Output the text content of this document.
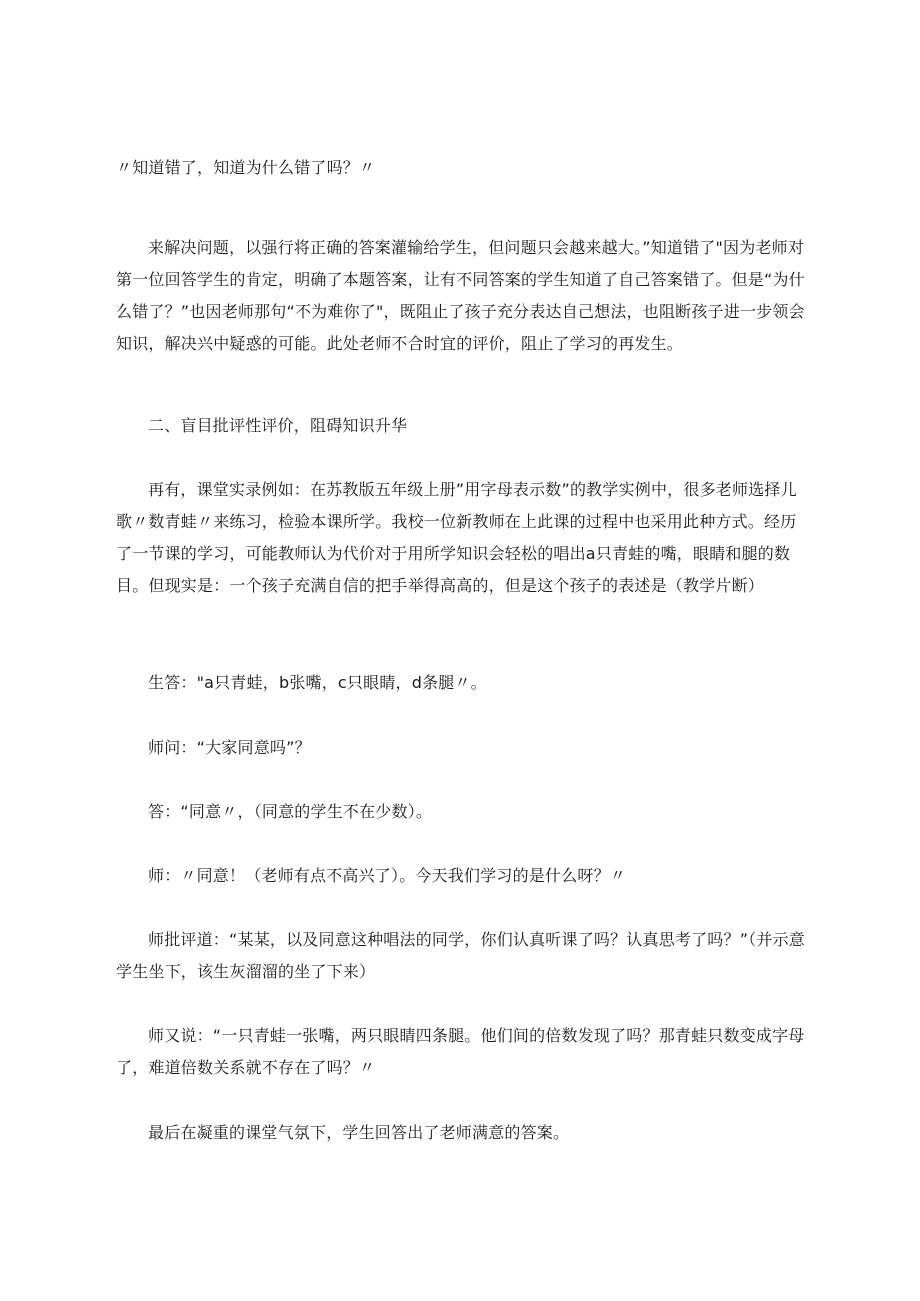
〃知道错了，知道为什么错了吗？〃

来解决问题，以强行将正确的答案灌输给学生，但问题只会越来越大。”知道错了"因为老师对第一位回答学生的肯定，明确了本题答案，让有不同答案的学生知道了自己答案错了。但是“为什么错了？”也因老师那句“不为难你了"，既阻止了孩子充分表达自己想法，也阻断孩子进一步领会知识，解决兴中疑惑的可能。此处老师不合时宜的评价，阻止了学习的再发生。

二、盲目批评性评价，阻碍知识升华

再有，课堂实录例如：在苏教版五年级上册”用字母表示数”的教学实例中，很多老师选择儿歌〃数青蛙〃来练习，检验本课所学。我校一位新教师在上此课的过程中也采用此种方式。经历了一节课的学习，可能教师认为代价对于用所学知识会轻松的唱出a只青蛙的嘴，眼睛和腿的数目。但现实是：一个孩子充满自信的把手举得高高的，但是这个孩子的表述是（教学片断）

生答："a只青蛙，b张嘴，c只眼睛，d条腿〃。

师问：“大家同意吗”？

答：“同意〃，（同意的学生不在少数）。

师：〃同意！（老师有点不高兴了）。今天我们学习的是什么呀？〃

师批评道：“某某，以及同意这种唱法的同学，你们认真听课了吗？认真思考了吗？”（并示意学生坐下，该生灰溜溜的坐了下来）

师又说：“一只青蛙一张嘴，两只眼睛四条腿。他们间的倍数发现了吗？那青蛙只数变成字母了，难道倍数关系就不存在了吗？〃

最后在凝重的课堂气氛下，学生回答出了老师满意的答案。
